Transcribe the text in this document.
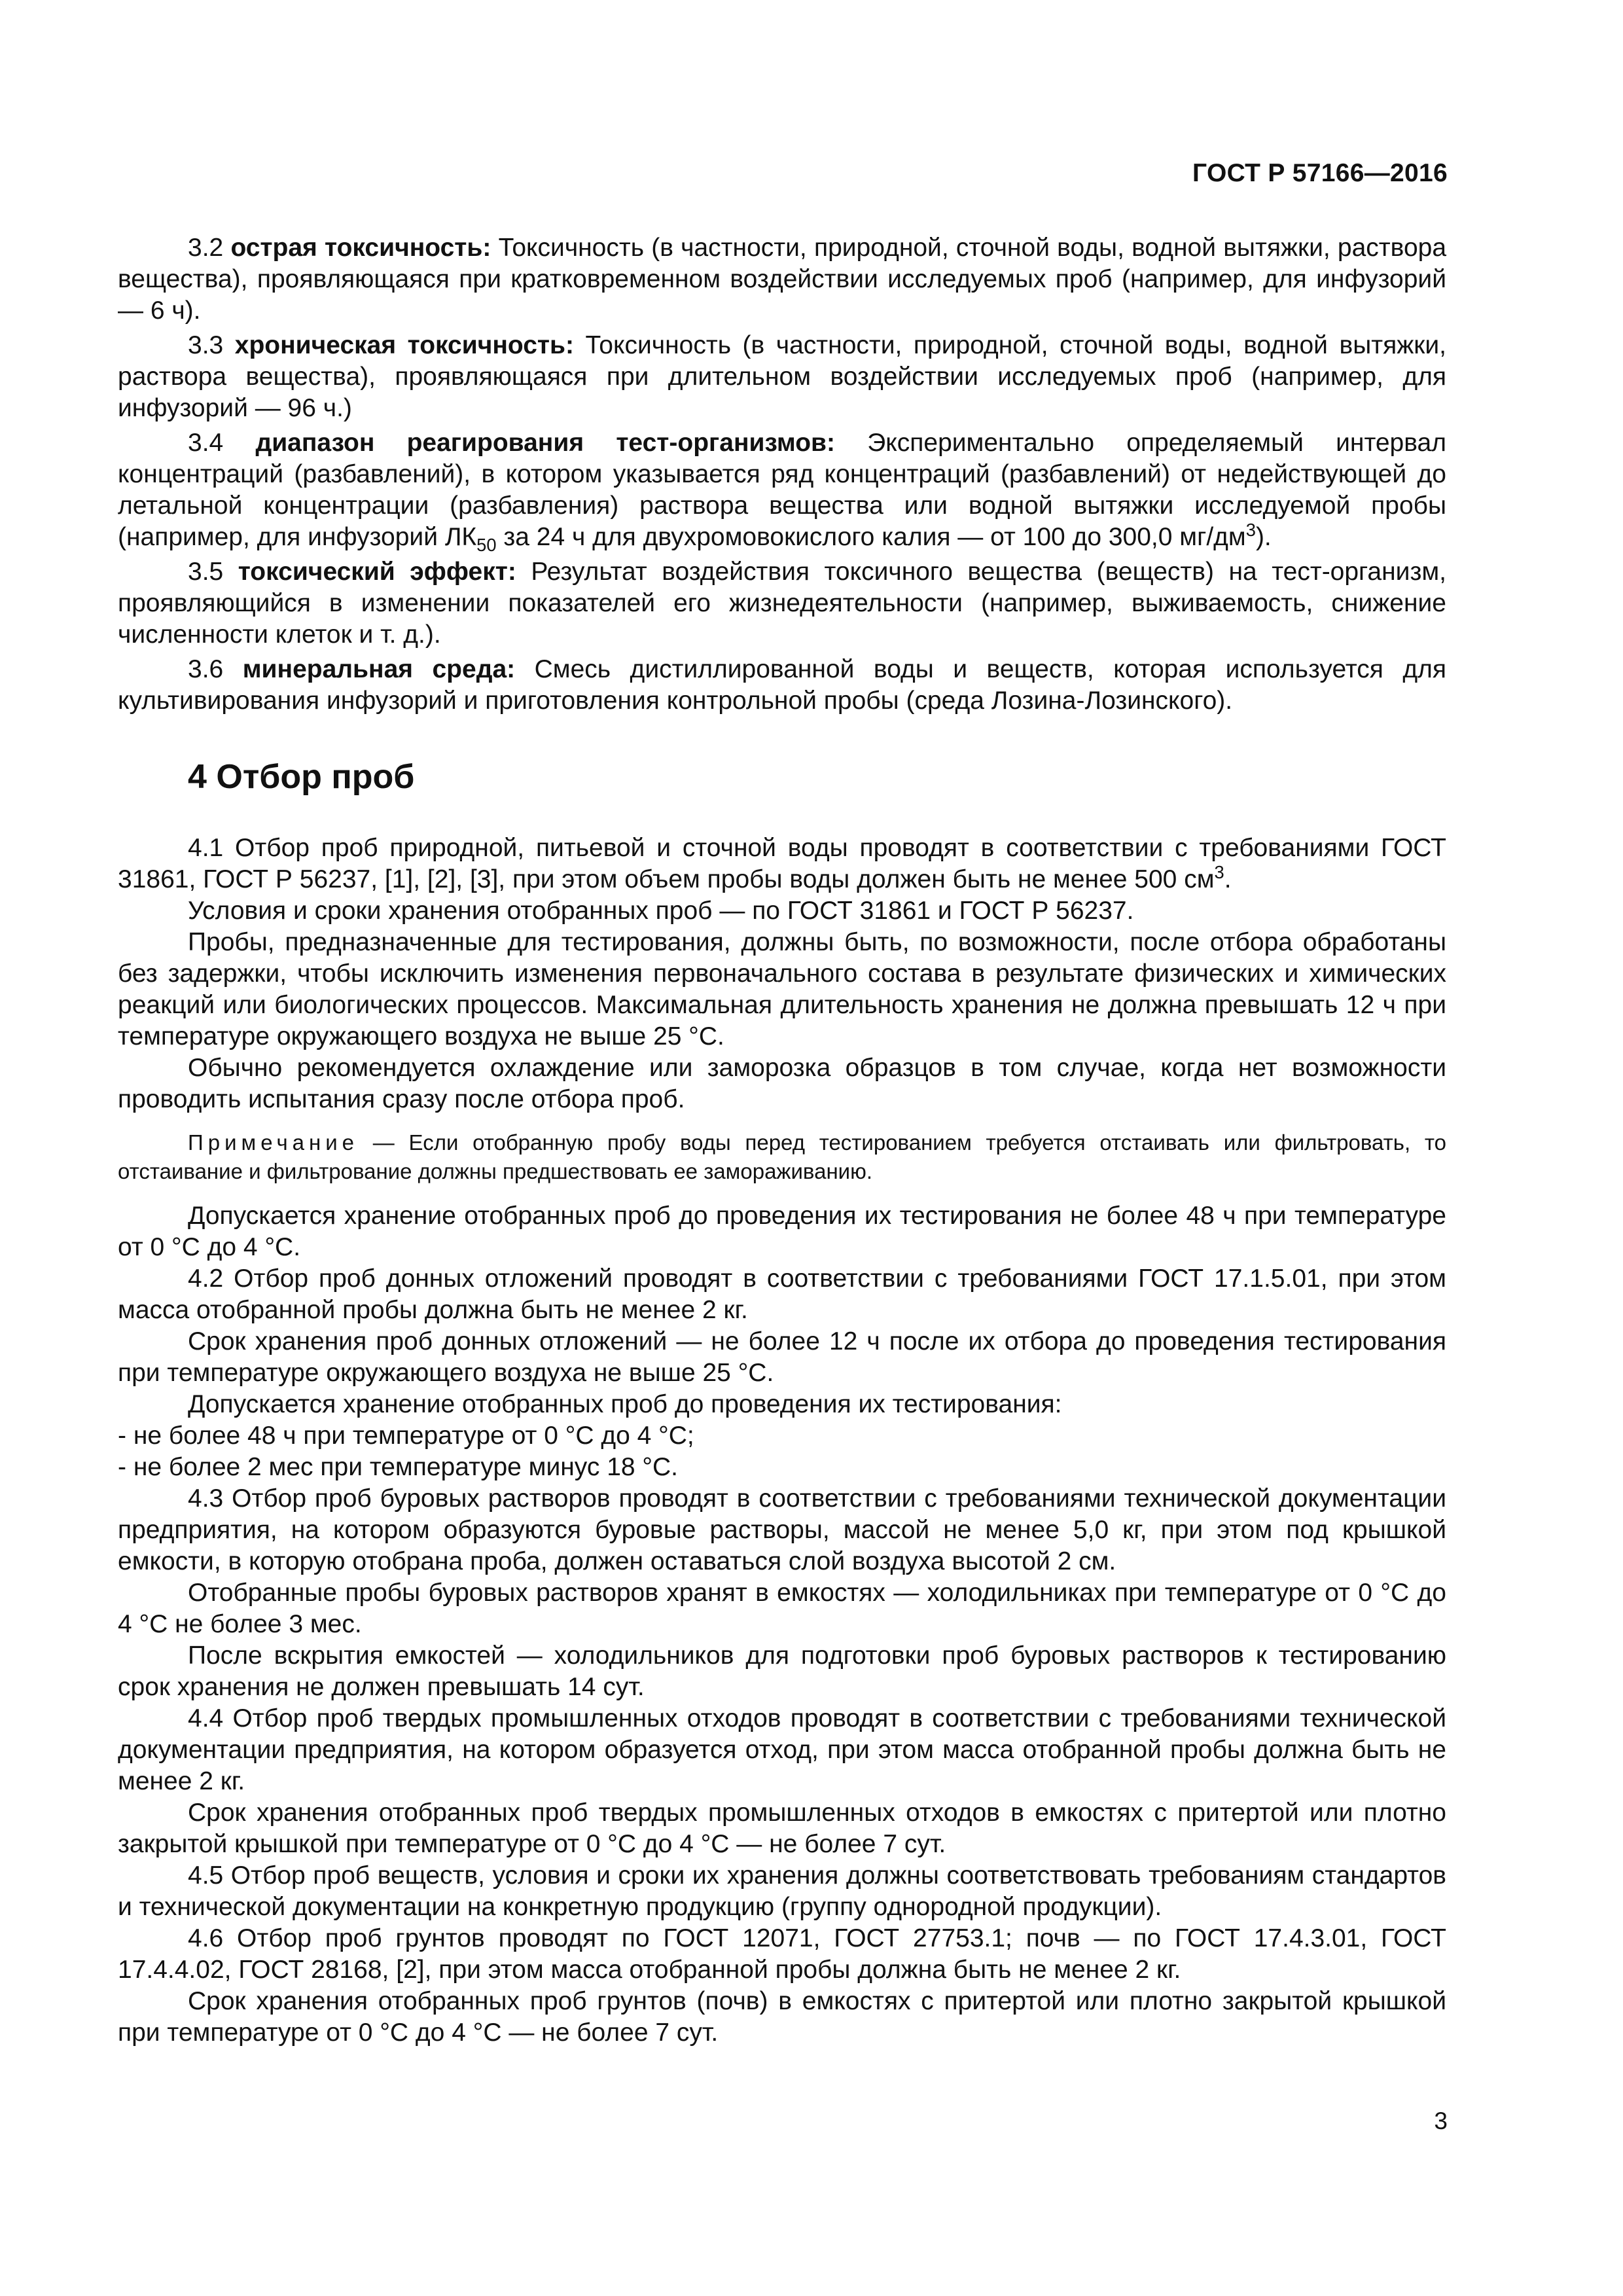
ГОСТ Р 57166—2016

3.2 острая токсичность: Токсичность (в частности, природной, сточной воды, водной вытяжки, раствора вещества), проявляющаяся при кратковременном воздействии исследуемых проб (например, для инфузорий — 6 ч).

3.3 хроническая токсичность: Токсичность (в частности, природной, сточной воды, водной вытяжки, раствора вещества), проявляющаяся при длительном воздействии исследуемых проб (например, для инфузорий — 96 ч.)

3.4 диапазон реагирования тест-организмов: Экспериментально определяемый интервал концентраций (разбавлений), в котором указывается ряд концентраций (разбавлений) от недействующей до летальной концентрации (разбавления) раствора вещества или водной вытяжки исследуемой пробы (например, для инфузорий $ЛК_{50}$ за 24 ч для двухромовокислого калия — от 100 до 300,0 $мг/дм^3$).

3.5 токсический эффект: Результат воздействия токсичного вещества (веществ) на тест-организм, проявляющийся в изменении показателей его жизнедеятельности (например, выживаемость, снижение численности клеток и т. д.).

3.6 минеральная среда: Смесь дистиллированной воды и веществ, которая используется для культивирования инфузорий и приготовления контрольной пробы (среда Лозина-Лозинского).

4 Отбор проб

4.1 Отбор проб природной, питьевой и сточной воды проводят в соответствии с требованиями ГОСТ 31861, ГОСТ Р 56237, [1], [2], [3], при этом объем пробы воды должен быть не менее 500 $см^3$.

Условия и сроки хранения отобранных проб — по ГОСТ 31861 и ГОСТ Р 56237.

Пробы, предназначенные для тестирования, должны быть, по возможности, после отбора обработаны без задержки, чтобы исключить изменения первоначального состава в результате физических и химических реакций или биологических процессов. Максимальная длительность хранения не должна превышать 12 ч при температуре окружающего воздуха не выше 25 °С.

Обычно рекомендуется охлаждение или заморозка образцов в том случае, когда нет возможности проводить испытания сразу после отбора проб.

Примечание — Если отобранную пробу воды перед тестированием требуется отстаивать или фильтровать, то отстаивание и фильтрование должны предшествовать ее замораживанию.

Допускается хранение отобранных проб до проведения их тестирования не более 48 ч при температуре от 0 °С до 4 °С.

4.2 Отбор проб донных отложений проводят в соответствии с требованиями ГОСТ 17.1.5.01, при этом масса отобранной пробы должна быть не менее 2 кг.

Срок хранения проб донных отложений — не более 12 ч после их отбора до проведения тестирования при температуре окружающего воздуха не выше 25 °С.

Допускается хранение отобранных проб до проведения их тестирования:

- не более 48 ч при температуре от 0 °С до 4 °С;

- не более 2 мес при температуре минус 18 °С.

4.3 Отбор проб буровых растворов проводят в соответствии с требованиями технической документации предприятия, на котором образуются буровые растворы, массой не менее 5,0 кг, при этом под крышкой емкости, в которую отобрана проба, должен оставаться слой воздуха высотой 2 см.

Отобранные пробы буровых растворов хранят в емкостях — холодильниках при температуре от 0 °С до 4 °С не более 3 мес.

После вскрытия емкостей — холодильников для подготовки проб буровых растворов к тестированию срок хранения не должен превышать 14 сут.

4.4 Отбор проб твердых промышленных отходов проводят в соответствии с требованиями технической документации предприятия, на котором образуется отход, при этом масса отобранной пробы должна быть не менее 2 кг.

Срок хранения отобранных проб твердых промышленных отходов в емкостях с притертой или плотно закрытой крышкой при температуре от 0 °С до 4 °С — не более 7 сут.

4.5 Отбор проб веществ, условия и сроки их хранения должны соответствовать требованиям стандартов и технической документации на конкретную продукцию (группу однородной продукции).

4.6 Отбор проб грунтов проводят по ГОСТ 12071, ГОСТ 27753.1; почв — по ГОСТ 17.4.3.01, ГОСТ 17.4.4.02, ГОСТ 28168, [2], при этом масса отобранной пробы должна быть не менее 2 кг.

Срок хранения отобранных проб грунтов (почв) в емкостях с притертой или плотно закрытой крышкой при температуре от 0 °С до 4 °С — не более 7 сут.

3
